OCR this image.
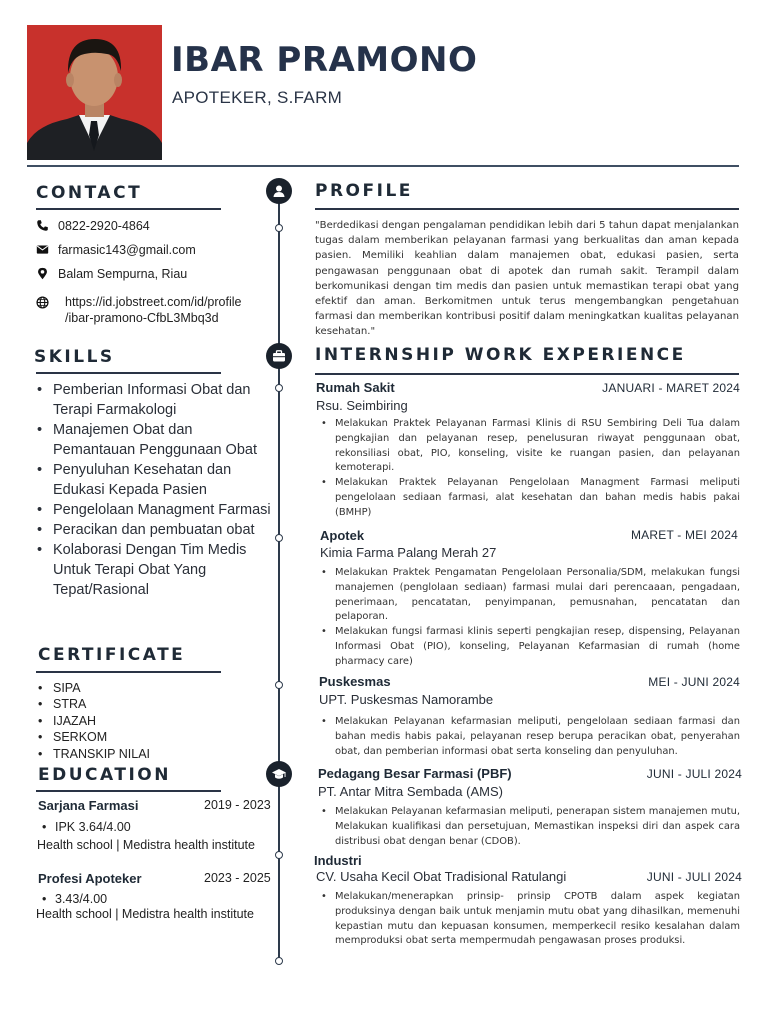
IBAR PRAMONO
APOTEKER, S.FARM
CONTACT
0822-2920-4864
farmasic143@gmail.com
Balam Sempurna, Riau
https://id.jobstreet.com/id/profile
/ibar-pramono-CfbL3Mbq3d
SKILLS
• Pemberian Informasi Obat dan Terapi Farmakologi
• Manajemen Obat dan Pemantauan Penggunaan Obat
• Penyuluhan Kesehatan dan Edukasi Kepada Pasien
• Pengelolaan Managment Farmasi
• Peracikan dan pembuatan obat
• Kolaborasi Dengan Tim Medis Untuk Terapi Obat Yang Tepat/Rasional
CERTIFICATE
• SIPA
• STRA
• IJAZAH
• SERKOM
• TRANSKIP NILAI
EDUCATION
Sarjana Farmasi	2019 - 2023
• IPK 3.64/4.00
Health school | Medistra health institute
Profesi Apoteker	2023 - 2025
• 3.43/4.00
Health school | Medistra health institute
PROFILE
"Berdedikasi dengan pengalaman pendidikan lebih dari 5 tahun dapat menjalankan tugas dalam memberikan pelayanan farmasi yang berkualitas dan aman kepada pasien. Memiliki keahlian dalam manajemen obat, edukasi pasien, serta pengawasan penggunaan obat di apotek dan rumah sakit. Terampil dalam berkomunikasi dengan tim medis dan pasien untuk memastikan terapi obat yang efektif dan aman. Berkomitmen untuk terus mengembangkan pengetahuan farmasi dan memberikan kontribusi positif dalam meningkatkan kualitas pelayanan kesehatan."
INTERNSHIP WORK EXPERIENCE
Rumah Sakit	JANUARI - MARET 2024
Rsu. Seimbiring
• Melakukan Praktek Pelayanan Farmasi Klinis di RSU Sembiring Deli Tua dalam pengkajian dan pelayanan resep, penelusuran riwayat penggunaan obat, rekonsiliasi obat, PIO, konseling, visite ke ruangan pasien, dan pelayanan kemoterapi.
• Melakukan Praktek Pelayanan Pengelolaan Managment Farmasi meliputi pengelolaan sediaan farmasi, alat kesehatan dan bahan medis habis pakai (BMHP)
Apotek	MARET - MEI 2024
Kimia Farma Palang Merah 27
• Melakukan Praktek Pengamatan Pengelolaan Personalia/SDM, melakukan fungsi manajemen (penglolaan sediaan) farmasi mulai dari perencaaan, pengadaan, penerimaan, pencatatan, penyimpanan, pemusnahan, pencatatan dan pelaporan.
• Melakukan fungsi farmasi klinis seperti pengkajian resep, dispensing, Pelayanan Informasi Obat (PIO), konseling, Pelayanan Kefarmasian di rumah (home pharmacy care)
Puskesmas	MEI - JUNI 2024
UPT. Puskesmas Namorambe
• Melakukan Pelayanan kefarmasian meliputi, pengelolaan sediaan farmasi dan bahan medis habis pakai, pelayanan resep berupa peracikan obat, penyerahan obat, dan pemberian informasi obat serta konseling dan penyuluhan.
Pedagang Besar Farmasi (PBF)	JUNI - JULI 2024
PT. Antar Mitra Sembada (AMS)
• Melakukan Pelayanan kefarmasian meliputi, penerapan sistem manajemen mutu, Melakukan kualifikasi dan persetujuan, Memastikan inspeksi diri dan aspek cara distribusi obat dengan benar (CDOB).
Industri
JUNI - JULI 2024
CV. Usaha Kecil Obat Tradisional Ratulangi
• Melakukan/menerapkan prinsip- prinsip CPOTB dalam aspek kegiatan produksinya dengan baik untuk menjamin mutu obat yang dihasilkan, memenuhi kepastian mutu dan kepuasan konsumen, memperkecil resiko kesalahan dalam memproduksi obat serta mempermudah pengawasan proses produksi.
